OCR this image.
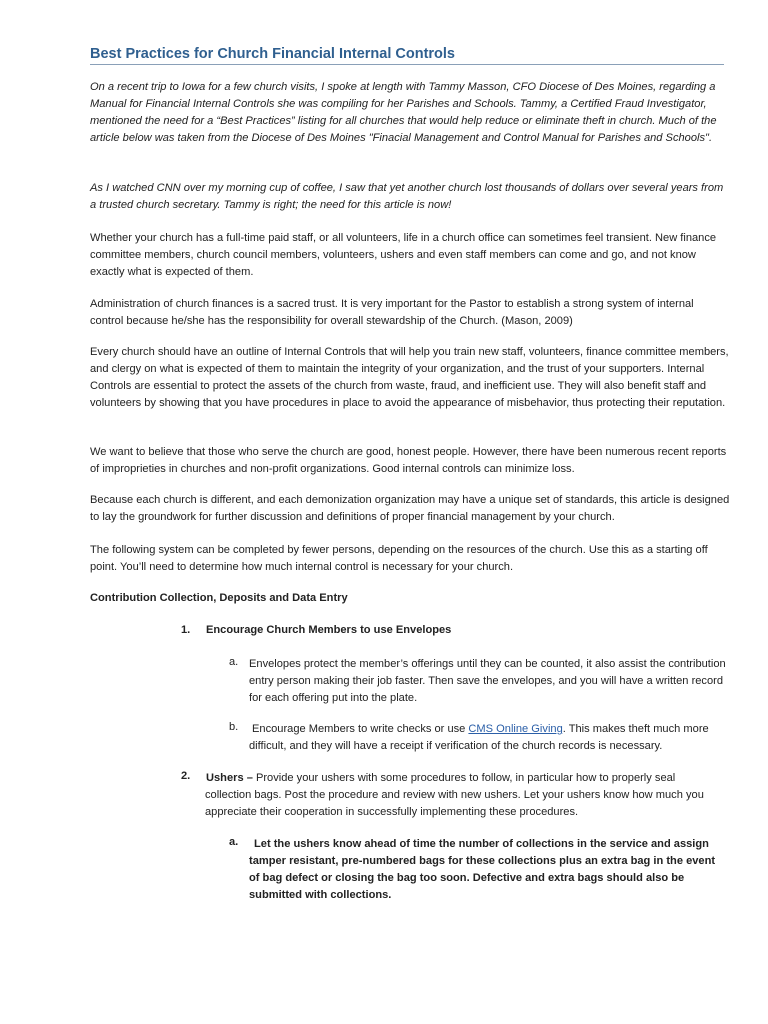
Best Practices for Church Financial Internal Controls

On a recent trip to Iowa for a few church visits, I spoke at length with Tammy Masson, CFO Diocese of Des Moines, regarding a Manual for Financial Internal Controls she was compiling for her Parishes and Schools. Tammy, a Certified Fraud Investigator, mentioned the need for a “Best Practices” listing for all churches that would help reduce or eliminate theft in church. Much of the article below was taken from the Diocese of Des Moines "Finacial Management and Control Manual for Parishes and Schools".

As I watched CNN over my morning cup of coffee, I saw that yet another church lost thousands of dollars over several years from a trusted church secretary. Tammy is right; the need for this article is now!

Whether your church has a full-time paid staff, or all volunteers, life in a church office can sometimes feel transient. New finance committee members, church council members, volunteers, ushers and even staff members can come and go, and not know exactly what is expected of them.

Administration of church finances is a sacred trust. It is very important for the Pastor to establish a strong system of internal control because he/she has the responsibility for overall stewardship of the Church. (Mason, 2009)

Every church should have an outline of Internal Controls that will help you train new staff, volunteers, finance committee members, and clergy on what is expected of them to maintain the integrity of your organization, and the trust of your supporters. Internal Controls are essential to protect the assets of the church from waste, fraud, and inefficient use. They will also benefit staff and volunteers by showing that you have procedures in place to avoid the appearance of misbehavior, thus protecting their reputation.

We want to believe that those who serve the church are good, honest people. However, there have been numerous recent reports of improprieties in churches and non-profit organizations. Good internal controls can minimize loss.

Because each church is different, and each demonization organization may have a unique set of standards, this article is designed to lay the groundwork for further discussion and definitions of proper financial management by your church.

The following system can be completed by fewer persons, depending on the resources of the church. Use this as a starting off point. You’ll need to determine how much internal control is necessary for your church.

Contribution Collection, Deposits and Data Entry

1. Encourage Church Members to use Envelopes

a. Envelopes protect the member’s offerings until they can be counted, it also assist the contribution entry person making their job faster. Then save the envelopes, and you will have a written record for each offering put into the plate.

b. Encourage Members to write checks or use CMS Online Giving. This makes theft much more difficult, and they will have a receipt if verification of the church records is necessary.

2. Ushers – Provide your ushers with some procedures to follow, in particular how to properly seal collection bags. Post the procedure and review with new ushers. Let your ushers know how much you appreciate their cooperation in successfully implementing these procedures.

a.	Let the ushers know ahead of time the number of collections in the service and assign tamper resistant, pre-numbered bags for these collections plus an extra bag in the event of bag defect or closing the bag too soon. Defective and extra bags should also be submitted with collections.
